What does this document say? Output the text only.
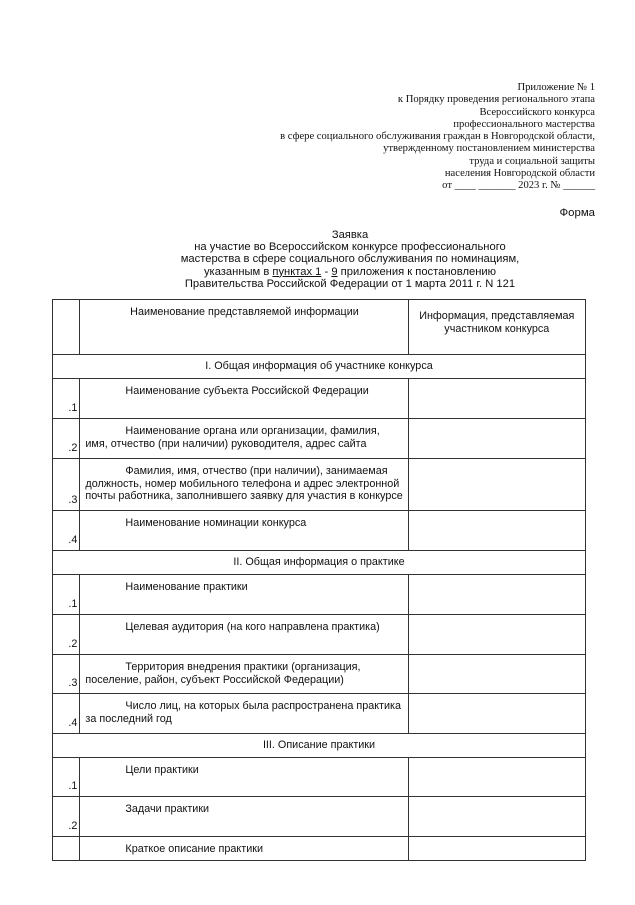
Приложение № 1
к Порядку проведения регионального этапа
Всероссийского конкурса
профессионального мастерства
в сфере социального обслуживания граждан в Новгородской области,
утвержденному постановлением министерства
труда и социальной защиты
населения Новгородской области
от ____ _______ 2023 г. № ______
Форма
Заявка
на участие во Всероссийском конкурсе профессионального
мастерства в сфере социального обслуживания по номинациям,
указанным в пунктах 1 - 9 приложения к постановлению
Правительства Российской Федерации от 1 марта 2011 г. N 121
	Наименование представляемой информации	Информация, представляемая участником конкурса
I. Общая информация об участнике конкурса		
.1	Наименование субъекта Российской Федерации	
.2	Наименование органа или организации, фамилия, имя, отчество (при наличии) руководителя, адрес сайта	
.3	Фамилия, имя, отчество (при наличии), занимаемая должность, номер мобильного телефона и адрес электронной почты работника, заполнившего заявку для участия в конкурсе	
.4	Наименование номинации конкурса	
II. Общая информация о практике		
.1	Наименование практики	
.2	Целевая аудитория (на кого направлена практика)	
.3	Территория внедрения практики (организация, поселение, район, субъект Российской Федерации)	
.4	Число лиц, на которых была распространена практика за последний год	
III. Описание практики		
.1	Цели практики	
.2	Задачи практики	
	Краткое описание практики	
